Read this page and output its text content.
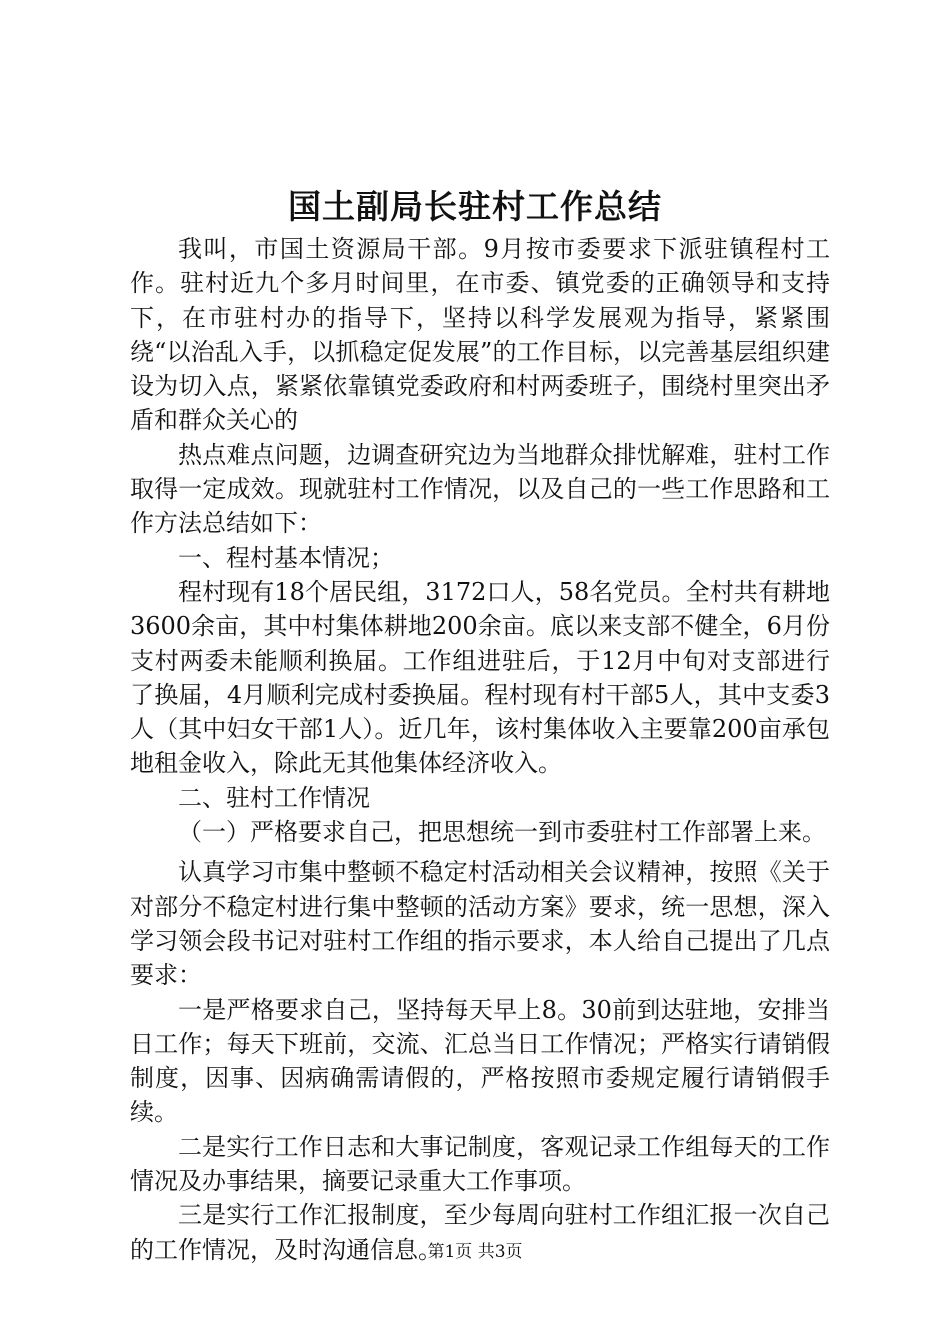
国土副局长驻村工作总结

我叫，市国土资源局干部。9月按市委要求下派驻镇程村工作。驻村近九个多月时间里，在市委、镇党委的正确领导和支持下，在市驻村办的指导下，坚持以科学发展观为指导，紧紧围绕“以治乱入手，以抓稳定促发展”的工作目标，以完善基层组织建设为切入点，紧紧依靠镇党委政府和村两委班子，围绕村里突出矛盾和群众关心的

热点难点问题，边调查研究边为当地群众排忧解难，驻村工作取得一定成效。现就驻村工作情况，以及自己的一些工作思路和工作方法总结如下：

一、程村基本情况；

程村现有18个居民组，3172口人，58名党员。全村共有耕地3600余亩，其中村集体耕地200余亩。底以来支部不健全，6月份支村两委未能顺利换届。工作组进驻后，于12月中旬对支部进行了换届，4月顺利完成村委换届。程村现有村干部5人，其中支委3人（其中妇女干部1人）。近几年，该村集体收入主要靠200亩承包地租金收入，除此无其他集体经济收入。

二、驻村工作情况

（一）严格要求自己，把思想统一到市委驻村工作部署上来。

认真学习市集中整顿不稳定村活动相关会议精神，按照《关于对部分不稳定村进行集中整顿的活动方案》要求，统一思想，深入学习领会段书记对驻村工作组的指示要求，本人给自己提出了几点要求：

一是严格要求自己，坚持每天早上8。30前到达驻地，安排当日工作；每天下班前，交流、汇总当日工作情况；严格实行请销假制度，因事、因病确需请假的，严格按照市委规定履行请销假手续。

二是实行工作日志和大事记制度，客观记录工作组每天的工作情况及办事结果，摘要记录重大工作事项。

三是实行工作汇报制度，至少每周向驻村工作组汇报一次自己的工作情况，及时沟通信息。

第1页 共3页
